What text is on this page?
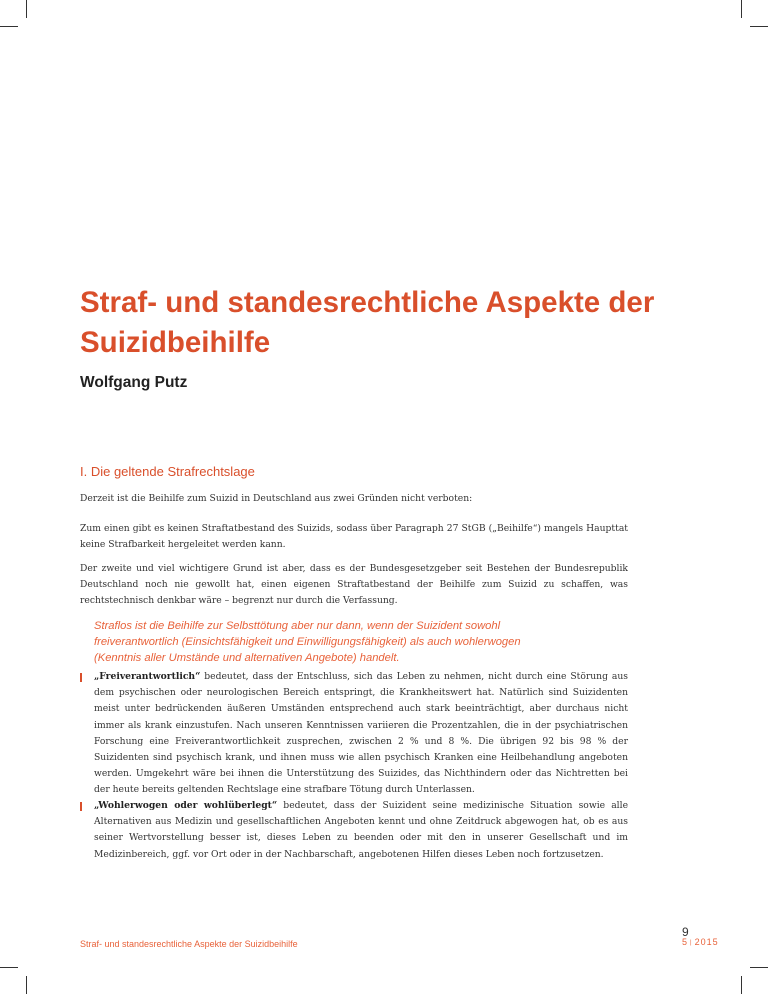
Straf- und standesrechtliche Aspekte der Suizidbeihilfe
Wolfgang Putz
I. Die geltende Strafrechtslage

Derzeit ist die Beihilfe zum Suizid in Deutschland aus zwei Gründen nicht verboten:

Zum einen gibt es keinen Straftatbestand des Suizids, sodass über Paragraph 27 StGB („Beihilfe“) mangels Haupttat keine Strafbarkeit hergeleitet werden kann.

Der zweite und viel wichtigere Grund ist aber, dass es der Bundesgesetzgeber seit Bestehen der Bundesrepublik Deutschland noch nie gewollt hat, einen eigenen Straftatbestand der Beihilfe zum Suizid zu schaffen, was rechtstechnisch denkbar wäre – begrenzt nur durch die Verfassung.

Straflos ist die Beihilfe zur Selbsttötung aber nur dann, wenn der Suizident sowohl freiverantwortlich (Einsichtsfähigkeit und Einwilligungsfähigkeit) als auch wohlerwogen (Kenntnis aller Umstände und alternativen Angebote) handelt.

„Freiverantwortlich“ bedeutet, dass der Entschluss, sich das Leben zu nehmen, nicht durch eine Störung aus dem psychischen oder neurologischen Bereich entspringt, die Krankheitswert hat. Natürlich sind Suizidenten meist unter bedrückenden äußeren Umständen entsprechend auch stark beeinträchtigt, aber durchaus nicht immer als krank einzustufen. Nach unseren Kenntnissen variieren die Prozentzahlen, die in der psychiatrischen Forschung eine Freiverantwortlichkeit zusprechen, zwischen 2 % und 8 %. Die übrigen 92 bis 98 % der Suizidenten sind psychisch krank, und ihnen muss wie allen psychisch Kranken eine Heilbehandlung angeboten werden. Umgekehrt wäre bei ihnen die Unterstützung des Suizides, das Nichthindern oder das Nichtretten bei der heute bereits geltenden Rechtslage eine strafbare Tötung durch Unterlassen.

„Wohlerwogen oder wohlüberlegt“ bedeutet, dass der Suizident seine medizinische Situation sowie alle Alternativen aus Medizin und gesellschaftlichen Angeboten kennt und ohne Zeitdruck abgewogen hat, ob es aus seiner Wertvorstellung besser ist, dieses Leben zu beenden oder mit den in unserer Gesellschaft und im Medizinbereich, ggf. vor Ort oder in der Nachbarschaft, angebotenen Hilfen dieses Leben noch fortzusetzen.

Straf- und standesrechtliche Aspekte der Suizidbeihilfe
9
5 | 2015
